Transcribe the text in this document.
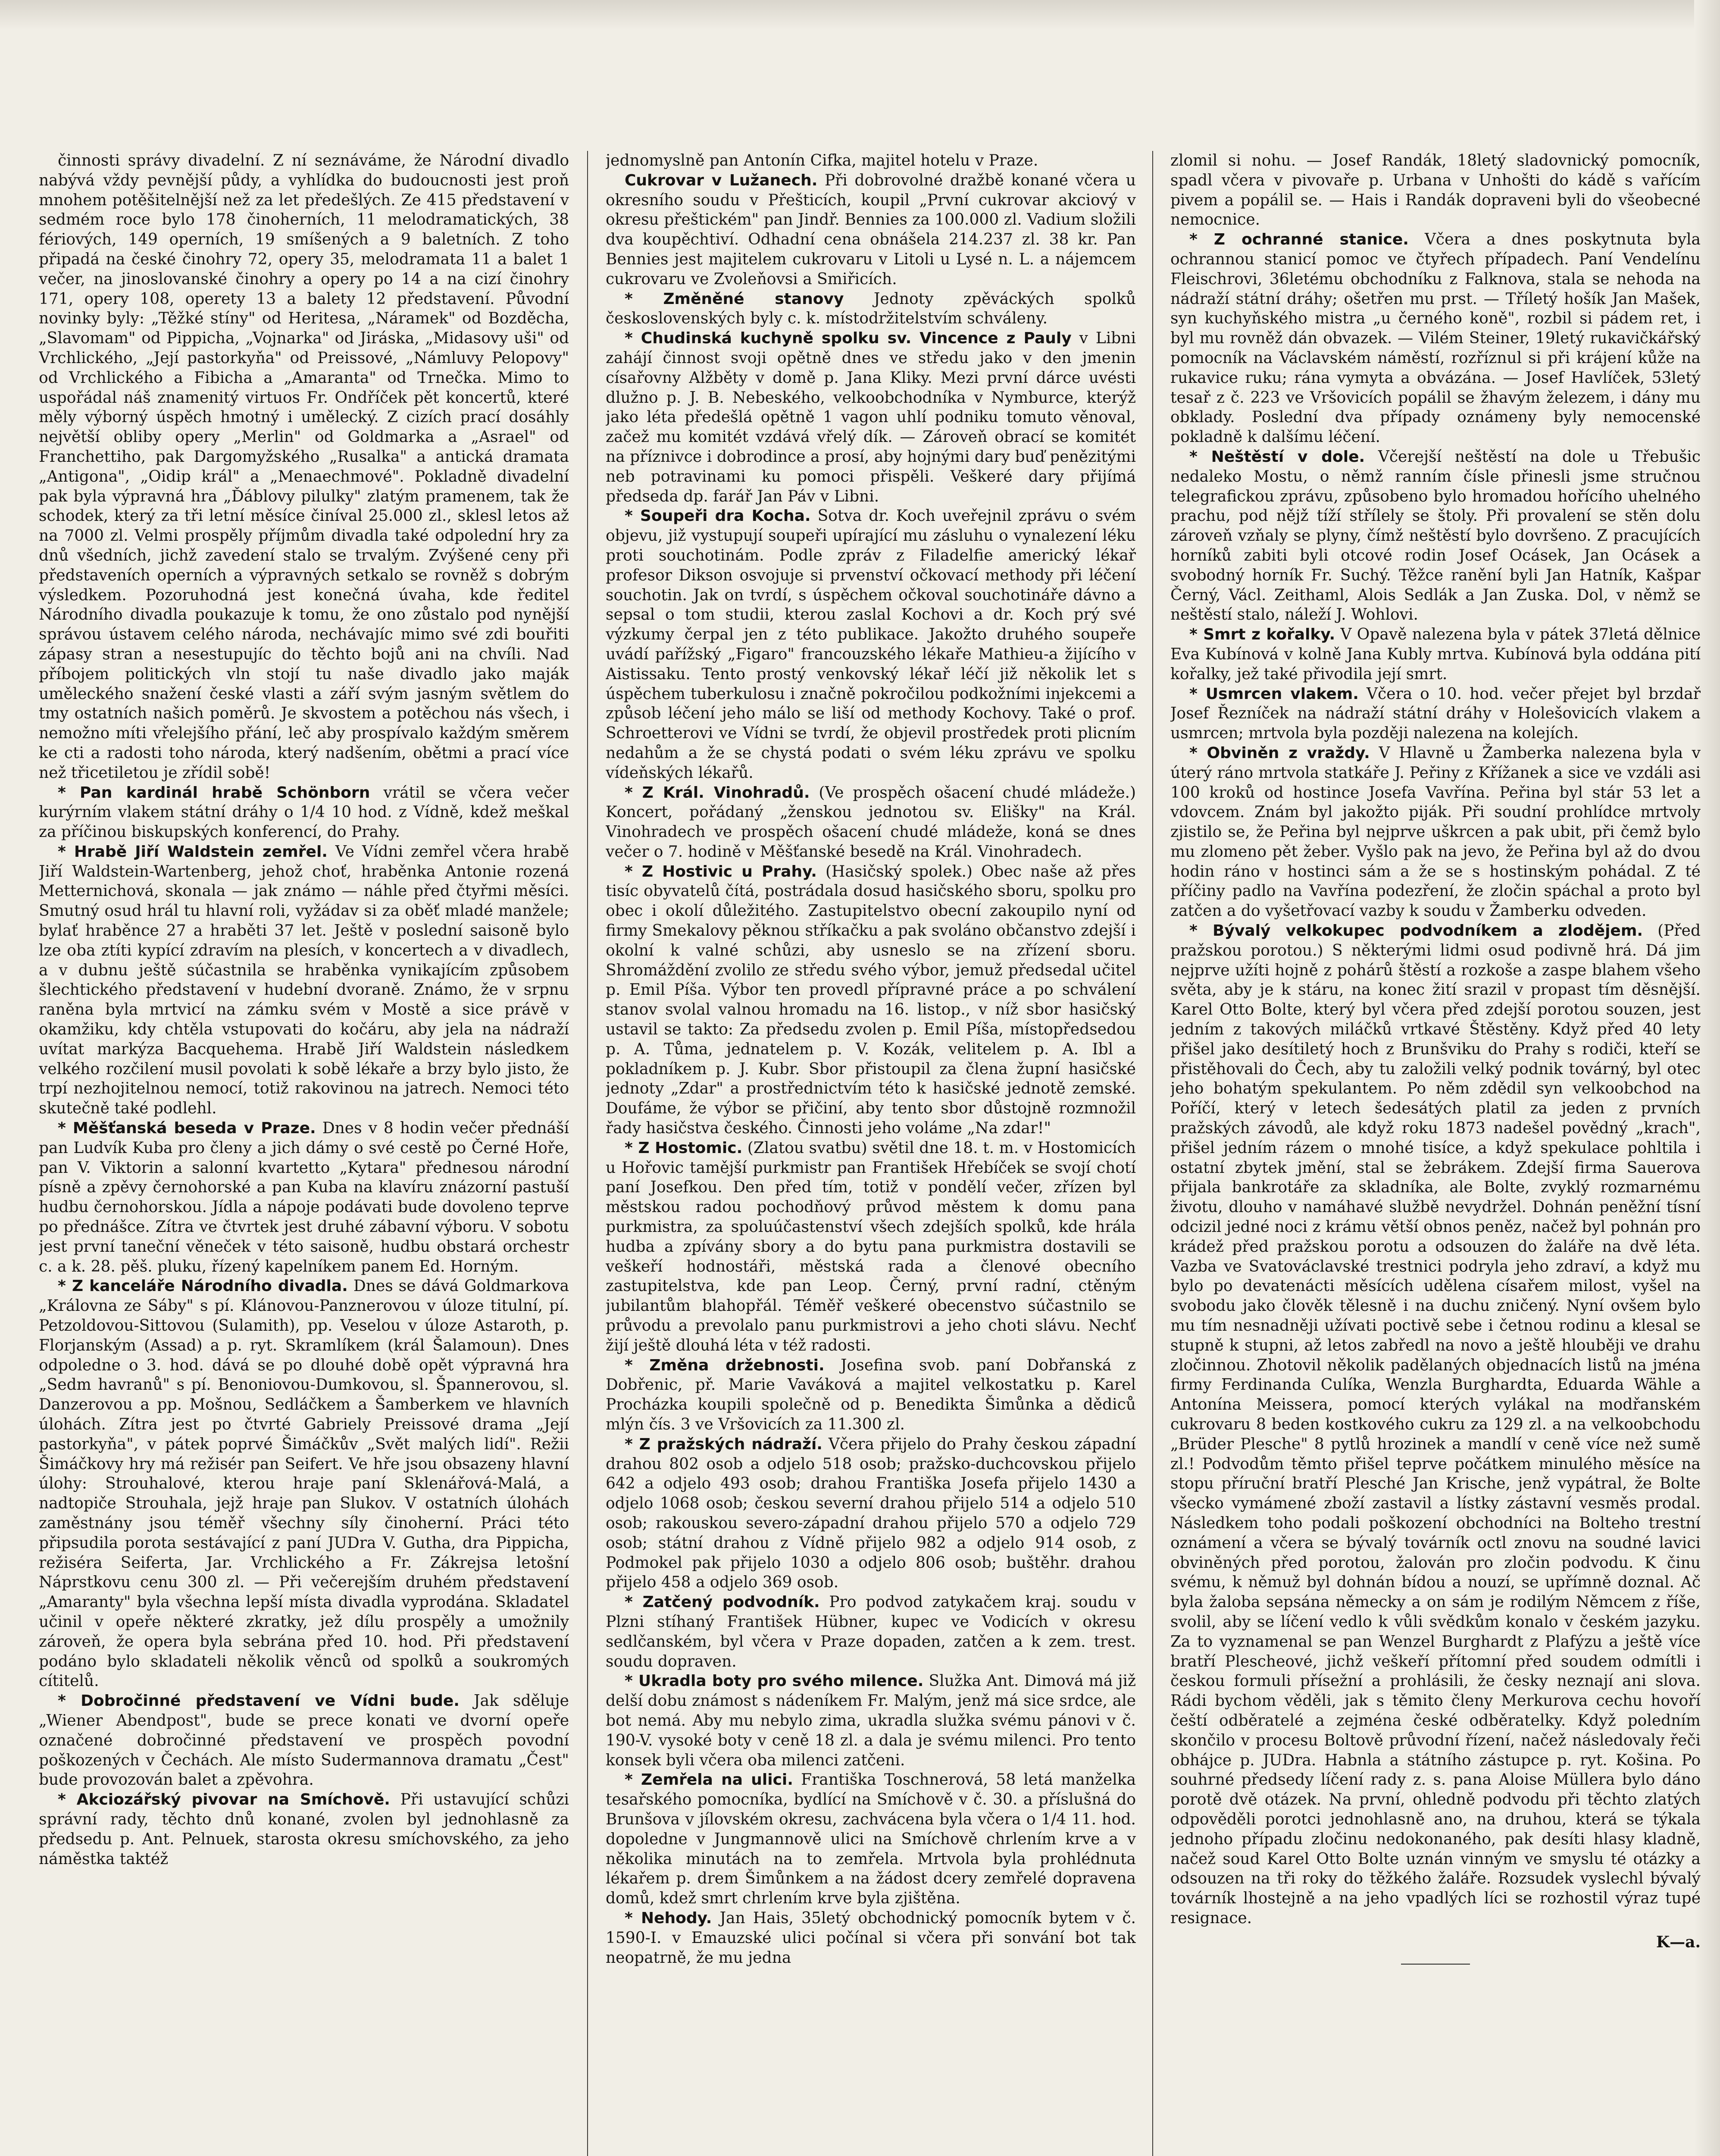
činnosti správy divadelní. Z ní seznáváme, že Národní divadlo nabývá vždy pevnější půdy, a vyhlídka do budoucnosti jest proň mnohem potěšitelnější než za let předešlých. Ze 415 představení v sedmém roce bylo 178 činoherních, 11 melodramatických, 38 fériových, 149 operních, 19 smíšených a 9 baletních. Z toho připadá na české činohry 72, opery 35, melodramata 11 a balet 1 večer, na jinoslovanské činohry a opery po 14 a na cizí činohry 171, opery 108, operety 13 a balety 12 představení. Původní novinky byly: „Těžké stíny" od Heritesa, „Náramek" od Bozděcha, „Slavomam" od Pippicha, „Vojnarka" od Jiráska, „Midasovy uši" od Vrchlického, „Její pastorkyňa" od Preissové, „Námluvy Pelopovy" od Vrchlického a Fibicha a „Amaranta" od Trnečka. Mimo to uspořádal náš znamenitý virtuos Fr. Ondříček pět koncertů, které měly výborný úspěch hmotný i umělecký. Z cizích prací dosáhly největší obliby opery „Merlin" od Goldmarka a „Asrael" od Franchettiho, pak Dargomyžského „Rusalka" a antická dramata „Antigona", „Oidip král" a „Menaechmové". Pokladně divadelní pak byla výpravná hra „Ďáblovy pilulky" zlatým pramenem, tak že schodek, který za tři letní měsíce činíval 25.000 zl., sklesl letos až na 7000 zl. Velmi prospěly příjmům divadla také odpolední hry za dnů všedních, jichž zavedení stalo se trvalým. Zvýšené ceny při představeních operních a výpravných setkalo se rovněž s dobrým výsledkem. Pozoruhodná jest konečná úvaha, kde ředitel Národního divadla poukazuje k tomu, že ono zůstalo pod nynější správou ústavem celého národa, nechávajíc mimo své zdi bouřiti zápasy stran a nesestupujíc do těchto bojů ani na chvíli. Nad příbojem politických vln stojí tu naše divadlo jako maják uměleckého snažení české vlasti a září svým jasným světlem do tmy ostatních našich poměrů. Je skvostem a potěchou nás všech, i nemožno míti vřelejšího přání, leč aby prospívalo každým směrem ke cti a radosti toho národa, který nadšením, obětmi a prací více než třicetiletou je zřídil sobě!

* Pan kardinál hrabě Schönborn vrátil se včera večer kurýrním vlakem státní dráhy o 1/4 10 hod. z Vídně, kdež meškal za příčinou biskupských konferencí, do Prahy.

* Hrabě Jiří Waldstein zemřel. Ve Vídni zemřel včera hrabě Jiří Waldstein-Wartenberg, jehož choť, hraběnka Antonie rozená Metternichová, skonala — jak známo — náhle před čtyřmi měsíci. Smutný osud hrál tu hlavní roli, vyžádav si za oběť mladé manžele; bylať hraběnce 27 a hraběti 37 let. Ještě v poslední saisoně bylo lze oba ztíti kypící zdravím na plesích, v koncertech a v divadlech, a v dubnu ještě súčastnila se hraběnka vynikajícím způsobem šlechtického představení v hudební dvoraně. Známo, že v srpnu raněna byla mrtvicí na zámku svém v Mostě a sice právě v okamžiku, kdy chtěla vstupovati do kočáru, aby jela na nádraží uvítat markýza Bacquehema. Hrabě Jiří Waldstein následkem velkého rozčilení musil povolati k sobě lékaře a brzy bylo jisto, že trpí nezhojitelnou nemocí, totiž rakovinou na jatrech. Nemoci této skutečně také podlehl.

* Měšťanská beseda v Praze. Dnes v 8 hodin večer přednáší pan Ludvík Kuba pro členy a jich dámy o své cestě po Černé Hoře, pan V. Viktorin a salonní kvartetto „Kytara" přednesou národní písně a zpěvy černohorské a pan Kuba na klavíru znázorní pastuší hudbu černohorskou. Jídla a nápoje podávati bude dovoleno teprve po přednášce. Zítra ve čtvrtek jest druhé zábavní výboru. V sobotu jest první taneční věneček v této saisoně, hudbu obstará orchestr c. a k. 28. pěš. pluku, řízený kapelníkem panem Ed. Horným.

* Z kanceláře Národního divadla. Dnes se dává Goldmarkova „Královna ze Sáby" s pí. Klánovou-Panznerovou v úloze titulní, pí. Petzoldovou-Sittovou (Sulamith), pp. Veselou v úloze Astaroth, p. Florjanským (Assad) a p. ryt. Skramlíkem (král Šalamoun). Dnes odpoledne o 3. hod. dává se po dlouhé době opět výpravná hra „Sedm havranů" s pí. Benoniovou-Dumkovou, sl. Špannerovou, sl. Danzerovou a pp. Mošnou, Sedláčkem a Šamberkem ve hlavních úlohách. Zítra jest po čtvrté Gabriely Preissové drama „Její pastorkyňa", v pátek poprvé Šimáčkův „Svět malých lidí". Režii Šimáčkovy hry má režisér pan Seifert. Ve hře jsou obsazeny hlavní úlohy: Strouhalové, kterou hraje paní Sklenářová-Malá, a nadtopiče Strouhala, jejž hraje pan Slukov. V ostatních úlohách zaměstnány jsou téměř všechny síly činoherní. Práci této připsudila porota sestávající z paní JUDra V. Gutha, dra Pippicha, režiséra Seiferta, Jar. Vrchlického a Fr. Zákrejsa letošní Náprstkovu cenu 300 zl. — Při večerejším druhém představení „Amaranty" byla všechna lepší místa divadla vyprodána. Skladatel učinil v opeře některé zkratky, jež dílu prospěly a umožnily zároveň, že opera byla sebrána před 10. hod. Při představení podáno bylo skladateli několik věnců od spolků a soukromých cítitelů.

* Dobročinné představení ve Vídni bude. Jak sděluje „Wiener Abendpost", bude se prece konati ve dvorní opeře označené dobročinné představení ve prospěch povodní poškozených v Čechách. Ale místo Sudermannova dramatu „Čest" bude provozován balet a zpěvohra.

* Akciozářský pivovar na Smíchově. Při ustavující schůzi správní rady, těchto dnů konané, zvolen byl jednohlasně za předsedu p. Ant. Pelnuek, starosta okresu smíchovského, za jeho náměstka taktéž

jednomyslně pan Antonín Cifka, majitel hotelu v Praze.

Cukrovar v Lužanech. Při dobrovolné dražbě konané včera u okresního soudu v Přešticích, koupil „První cukrovar akciový v okresu přeštickém" pan Jindř. Bennies za 100.000 zl. Vadium složili dva koupěchtiví. Odhadní cena obnášela 214.237 zl. 38 kr. Pan Bennies jest majitelem cukrovaru v Litoli u Lysé n. L. a nájemcem cukrovaru ve Zvoleňovsi a Smiřicích.

* Změněné stanovy Jednoty zpěváckých spolků československých byly c. k. místodržitelstvím schváleny.

* Chudinská kuchyně spolku sv. Vincence z Pauly v Libni zahájí činnost svoji opětně dnes ve středu jako v den jmenin císařovny Alžběty v domě p. Jana Kliky. Mezi první dárce uvésti dlužno p. J. B. Nebeského, velkoobchodníka v Nymburce, kterýž jako léta předešlá opětně 1 vagon uhlí podniku tomuto věnoval, začež mu komitét vzdává vřelý dík. — Zároveň obrací se komitét na příznivce i dobrodince a prosí, aby hojnými dary buď penězitými neb potravinami ku pomoci přispěli. Veškeré dary přijímá předseda dp. farář Jan Páv v Libni.

* Soupeři dra Kocha. Sotva dr. Koch uveřejnil zprávu o svém objevu, již vystupují soupeři upírající mu zásluhu o vynalezení léku proti souchotinám. Podle zpráv z Filadelfie americký lékař profesor Dikson osvojuje si prvenství očkovací methody při léčení souchotin. Jak on tvrdí, s úspěchem očkoval souchotináře dávno a sepsal o tom studii, kterou zaslal Kochovi a dr. Koch prý své výzkumy čerpal jen z této publikace. Jakožto druhého soupeře uvádí pařížský „Figaro" francouzského lékaře Mathieu-a žijícího v Aistissaku. Tento prostý venkovský lékař léčí již několik let s úspěchem tuberkulosu i značně pokročilou podkožními injekcemi a způsob léčení jeho málo se liší od methody Kochovy. Také o prof. Schroetterovi ve Vídni se tvrdí, že objevil prostředek proti plicním nedahům a že se chystá podati o svém léku zprávu ve spolku vídeňských lékařů.

* Z Král. Vinohradů. (Ve prospěch ošacení chudé mládeže.) Koncert, pořádaný „ženskou jednotou sv. Elišky" na Král. Vinohradech ve prospěch ošacení chudé mládeže, koná se dnes večer o 7. hodině v Měšťanské besedě na Král. Vinohradech.

* Z Hostivic u Prahy. (Hasičský spolek.) Obec naše až přes tisíc obyvatelů čítá, postrádala dosud hasičského sboru, spolku pro obec i okolí důležitého. Zastupitelstvo obecní zakoupilo nyní od firmy Smekalovy pěknou stříkačku a pak svoláno občanstvo zdejší i okolní k valné schůzi, aby usneslo se na zřízení sboru. Shromáždění zvolilo ze středu svého výbor, jemuž předsedal učitel p. Emil Píša. Výbor ten provedl přípravné práce a po schválení stanov svolal valnou hromadu na 16. listop., v níž sbor hasičský ustavil se takto: Za předsedu zvolen p. Emil Píša, místopředsedou p. A. Tůma, jednatelem p. V. Kozák, velitelem p. A. Ibl a pokladníkem p. J. Kubr. Sbor přistoupil za člena župní hasičské jednoty „Zdar" a prostřednictvím této k hasičské jednotě zemské. Doufáme, že výbor se přičiní, aby tento sbor důstojně rozmnožil řady hasičstva českého. Činnosti jeho voláme „Na zdar!"

* Z Hostomic. (Zlatou svatbu) světil dne 18. t. m. v Hostomicích u Hořovic tamější purkmistr pan František Hřebíček se svojí chotí paní Josefkou. Den před tím, totiž v pondělí večer, zřízen byl městskou radou pochodňový průvod městem k domu pana purkmistra, za spoluúčastenství všech zdejších spolků, kde hrála hudba a zpívány sbory a do bytu pana purkmistra dostavili se veškeří hodnostáři, městská rada a členové obecního zastupitelstva, kde pan Leop. Černý, první radní, ctěným jubilantům blahopřál. Téměř veškeré obecenstvo súčastnilo se průvodu a prevolalo panu purkmistrovi a jeho choti slávu. Nechť žijí ještě dlouhá léta v též radosti.

* Změna držebnosti. Josefina svob. paní Dobřanská z Dobřenic, př. Marie Vaváková a majitel velkostatku p. Karel Procházka koupili společně od p. Benedikta Šimůnka a dědiců mlýn čís. 3 ve Vršovicích za 11.300 zl.

* Z pražských nádraží. Včera přijelo do Prahy českou západní drahou 802 osob a odjelo 518 osob; pražsko-duchcovskou přijelo 642 a odjelo 493 osob; drahou Františka Josefa přijelo 1430 a odjelo 1068 osob; českou severní drahou přijelo 514 a odjelo 510 osob; rakouskou severo-západní drahou přijelo 570 a odjelo 729 osob; státní drahou z Vídně přijelo 982 a odjelo 914 osob, z Podmokel pak přijelo 1030 a odjelo 806 osob; buštěhr. drahou přijelo 458 a odjelo 369 osob.

* Zatčený podvodník. Pro podvod zatykačem kraj. soudu v Plzni stíhaný František Hübner, kupec ve Vodicích v okresu sedlčanském, byl včera v Praze dopaden, zatčen a k zem. trest. soudu dopraven.

* Ukradla boty pro svého milence. Služka Ant. Dimová má již delší dobu známost s nádeníkem Fr. Malým, jenž má sice srdce, ale bot nemá. Aby mu nebylo zima, ukradla služka svému pánovi v č. 190-V. vysoké boty v ceně 18 zl. a dala je svému milenci. Pro tento konsek byli včera oba milenci zatčeni.

* Zemřela na ulici. Františka Toschnerová, 58 letá manželka tesařského pomocníka, bydlící na Smíchově v č. 30. a příslušná do Brunšova v jílovském okresu, zachvácena byla včera o 1/4 11. hod. dopoledne v Jungmannově ulici na Smíchově chrlením krve a v několika minutách na to zemřela. Mrtvola byla prohlédnuta lékařem p. drem Šimůnkem a na žádost dcery zemřelé dopravena domů, kdež smrt chrlením krve byla zjištěna.

* Nehody. Jan Hais, 35letý obchodnický pomocník bytem v č. 1590-I. v Emauzské ulici počínal si včera při sonvání bot tak neopatrně, že mu jedna

zlomil si nohu. — Josef Randák, 18letý sladovnický pomocník, spadl včera v pivovaře p. Urbana v Unhošti do kádě s vařícím pivem a popálil se. — Hais i Randák dopraveni byli do všeobecné nemocnice.

* Z ochranné stanice. Včera a dnes poskytnuta byla ochrannou stanicí pomoc ve čtyřech případech. Paní Vendelínu Fleischrovi, 36letému obchodníku z Falknova, stala se nehoda na nádraží státní dráhy; ošetřen mu prst. — Tříletý hošík Jan Mašek, syn kuchyňského mistra „u černého koně", rozbil si pádem ret, i byl mu rovněž dán obvazek. — Vilém Steiner, 19letý rukavičkářský pomocník na Václavském náměstí, rozříznul si při krájení kůže na rukavice ruku; rána vymyta a obvázána. — Josef Havlíček, 53letý tesař z č. 223 ve Vršovicích popálil se žhavým železem, i dány mu obklady. Poslední dva případy oznámeny byly nemocenské pokladně k dalšímu léčení.

* Neštěstí v dole. Včerejší neštěstí na dole u Třebušic nedaleko Mostu, o němž ranním čísle přinesli jsme stručnou telegrafickou zprávu, způsobeno bylo hromadou hořícího uhelného prachu, pod nějž tíží střílely se štoly. Při provalení se stěn dolu zároveň vzňaly se plyny, čímž neštěstí bylo dovršeno. Z pracujících horníků zabiti byli otcové rodin Josef Ocásek, Jan Ocásek a svobodný horník Fr. Suchý. Těžce ranění byli Jan Hatník, Kašpar Černý, Václ. Zeithaml, Alois Sedlák a Jan Zuska. Dol, v němž se neštěstí stalo, náleží J. Wohlovi.

* Smrt z kořalky. V Opavě nalezena byla v pátek 37letá dělnice Eva Kubínová v kolně Jana Kubly mrtva. Kubínová byla oddána pití kořalky, jež také přivodila její smrt.

* Usmrcen vlakem. Včera o 10. hod. večer přejet byl brzdař Josef Řezníček na nádraží státní dráhy v Holešovicích vlakem a usmrcen; mrtvola byla později nalezena na kolejích.

* Obviněn z vraždy. V Hlavně u Žamberka nalezena byla v úterý ráno mrtvola statkáře J. Peřiny z Křížanek a sice ve vzdáli asi 100 kroků od hostince Josefa Vavřína. Peřina byl stár 53 let a vdovcem. Znám byl jakožto piják. Při soudní prohlídce mrtvoly zjistilo se, že Peřina byl nejprve uškrcen a pak ubit, při čemž bylo mu zlomeno pět žeber. Vyšlo pak na jevo, že Peřina byl až do dvou hodin ráno v hostinci sám a že se s hostinským pohádal. Z té příčiny padlo na Vavřína podezření, že zločin spáchal a proto byl zatčen a do vyšetřovací vazby k soudu v Žamberku odveden.

* Bývalý velkokupec podvodníkem a zlodějem. (Před pražskou porotou.) S některými lidmi osud podivně hrá. Dá jim nejprve užíti hojně z pohárů štěstí a rozkoše a zaspe blahem všeho světa, aby je k stáru, na konec žití srazil v propast tím děsnější. Karel Otto Bolte, který byl včera před zdejší porotou souzen, jest jedním z takových miláčků vrtkavé Štěstěny. Když před 40 lety přišel jako desítiletý hoch z Brunšviku do Prahy s rodiči, kteří se přistěhovali do Čech, aby tu založili velký podnik továrný, byl otec jeho bohatým spekulantem. Po něm zdědil syn velkoobchod na Poříčí, který v letech šedesátých platil za jeden z prvních pražských závodů, ale když roku 1873 nadešel povědný „krach", přišel jedním rázem o mnohé tisíce, a když spekulace pohltila i ostatní zbytek jmění, stal se žebrákem. Zdejší firma Sauerova přijala bankrotáře za skladníka, ale Bolte, zvyklý rozmarnému životu, dlouho v namáhavé službě nevydržel. Dohnán peněžní tísní odcizil jedné noci z krámu větší obnos peněz, načež byl pohnán pro krádež před pražskou porotu a odsouzen do žaláře na dvě léta. Vazba ve Svatováclavské trestnici podryla jeho zdraví, a když mu bylo po devatenácti měsících udělena císařem milost, vyšel na svobodu jako člověk tělesně i na duchu zničený. Nyní ovšem bylo mu tím nesnadněji užívati poctivě sebe i četnou rodinu a klesal se stupně k stupni, až letos zabředl na novo a ještě hlouběji ve drahu zločinnou. Zhotovil několik padělaných objednacích listů na jména firmy Ferdinanda Culíka, Wenzla Burghardta, Eduarda Wähle a Antonína Meissera, pomocí kterých vylákal na modřanském cukrovaru 8 beden kostkového cukru za 129 zl. a na velkoobchodu „Brüder Plesche" 8 pytlů hrozinek a mandlí v ceně více než sumě zl.! Podvodům těmto přišel teprve počátkem minulého měsíce na stopu příruční bratří Plesché Jan Krische, jenž vypátral, že Bolte všecko vymámené zboží zastavil a lístky zástavní vesměs prodal. Následkem toho podali poškození obchodníci na Bolteho trestní oznámení a včera se bývalý továrník octl znovu na soudné lavici obviněných před porotou, žalován pro zločin podvodu. K činu svému, k němuž byl dohnán bídou a nouzí, se upřímně doznal. Ač byla žaloba sepsána německy a on sám je rodilým Němcem z říše, svolil, aby se líčení vedlo k vůli svědkům konalo v českém jazyku. Za to vyznamenal se pan Wenzel Burghardt z Plafýzu a ještě více bratří Plescheové, jichž veškeří přítomní před soudem odmítli i českou formuli přísežní a prohlásili, že česky neznají ani slova. Rádi bychom věděli, jak s těmito členy Merkurova cechu hovoří čeští odběratelé a zejména české odběratelky. Když poledním skončilo v procesu Boltově průvodní řízení, načež následovaly řeči obhájce p. JUDra. Habnla a státního zástupce p. ryt. Košina. Po souhrné předsedy líčení rady z. s. pana Aloise Müllera bylo dáno porotě dvě otázek. Na první, ohledně podvodu při těchto zlatých odpověděli porotci jednohlasně ano, na druhou, která se týkala jednoho případu zločinu nedokonaného, pak desíti hlasy kladně, načež soud Karel Otto Bolte uznán vinným ve smyslu té otázky a odsouzen na tři roky do těžkého žaláře. Rozsudek vyslechl bývalý továrník lhostejně a na jeho vpadlých líci se rozhostil výraz tupé resignace.

K—a.
